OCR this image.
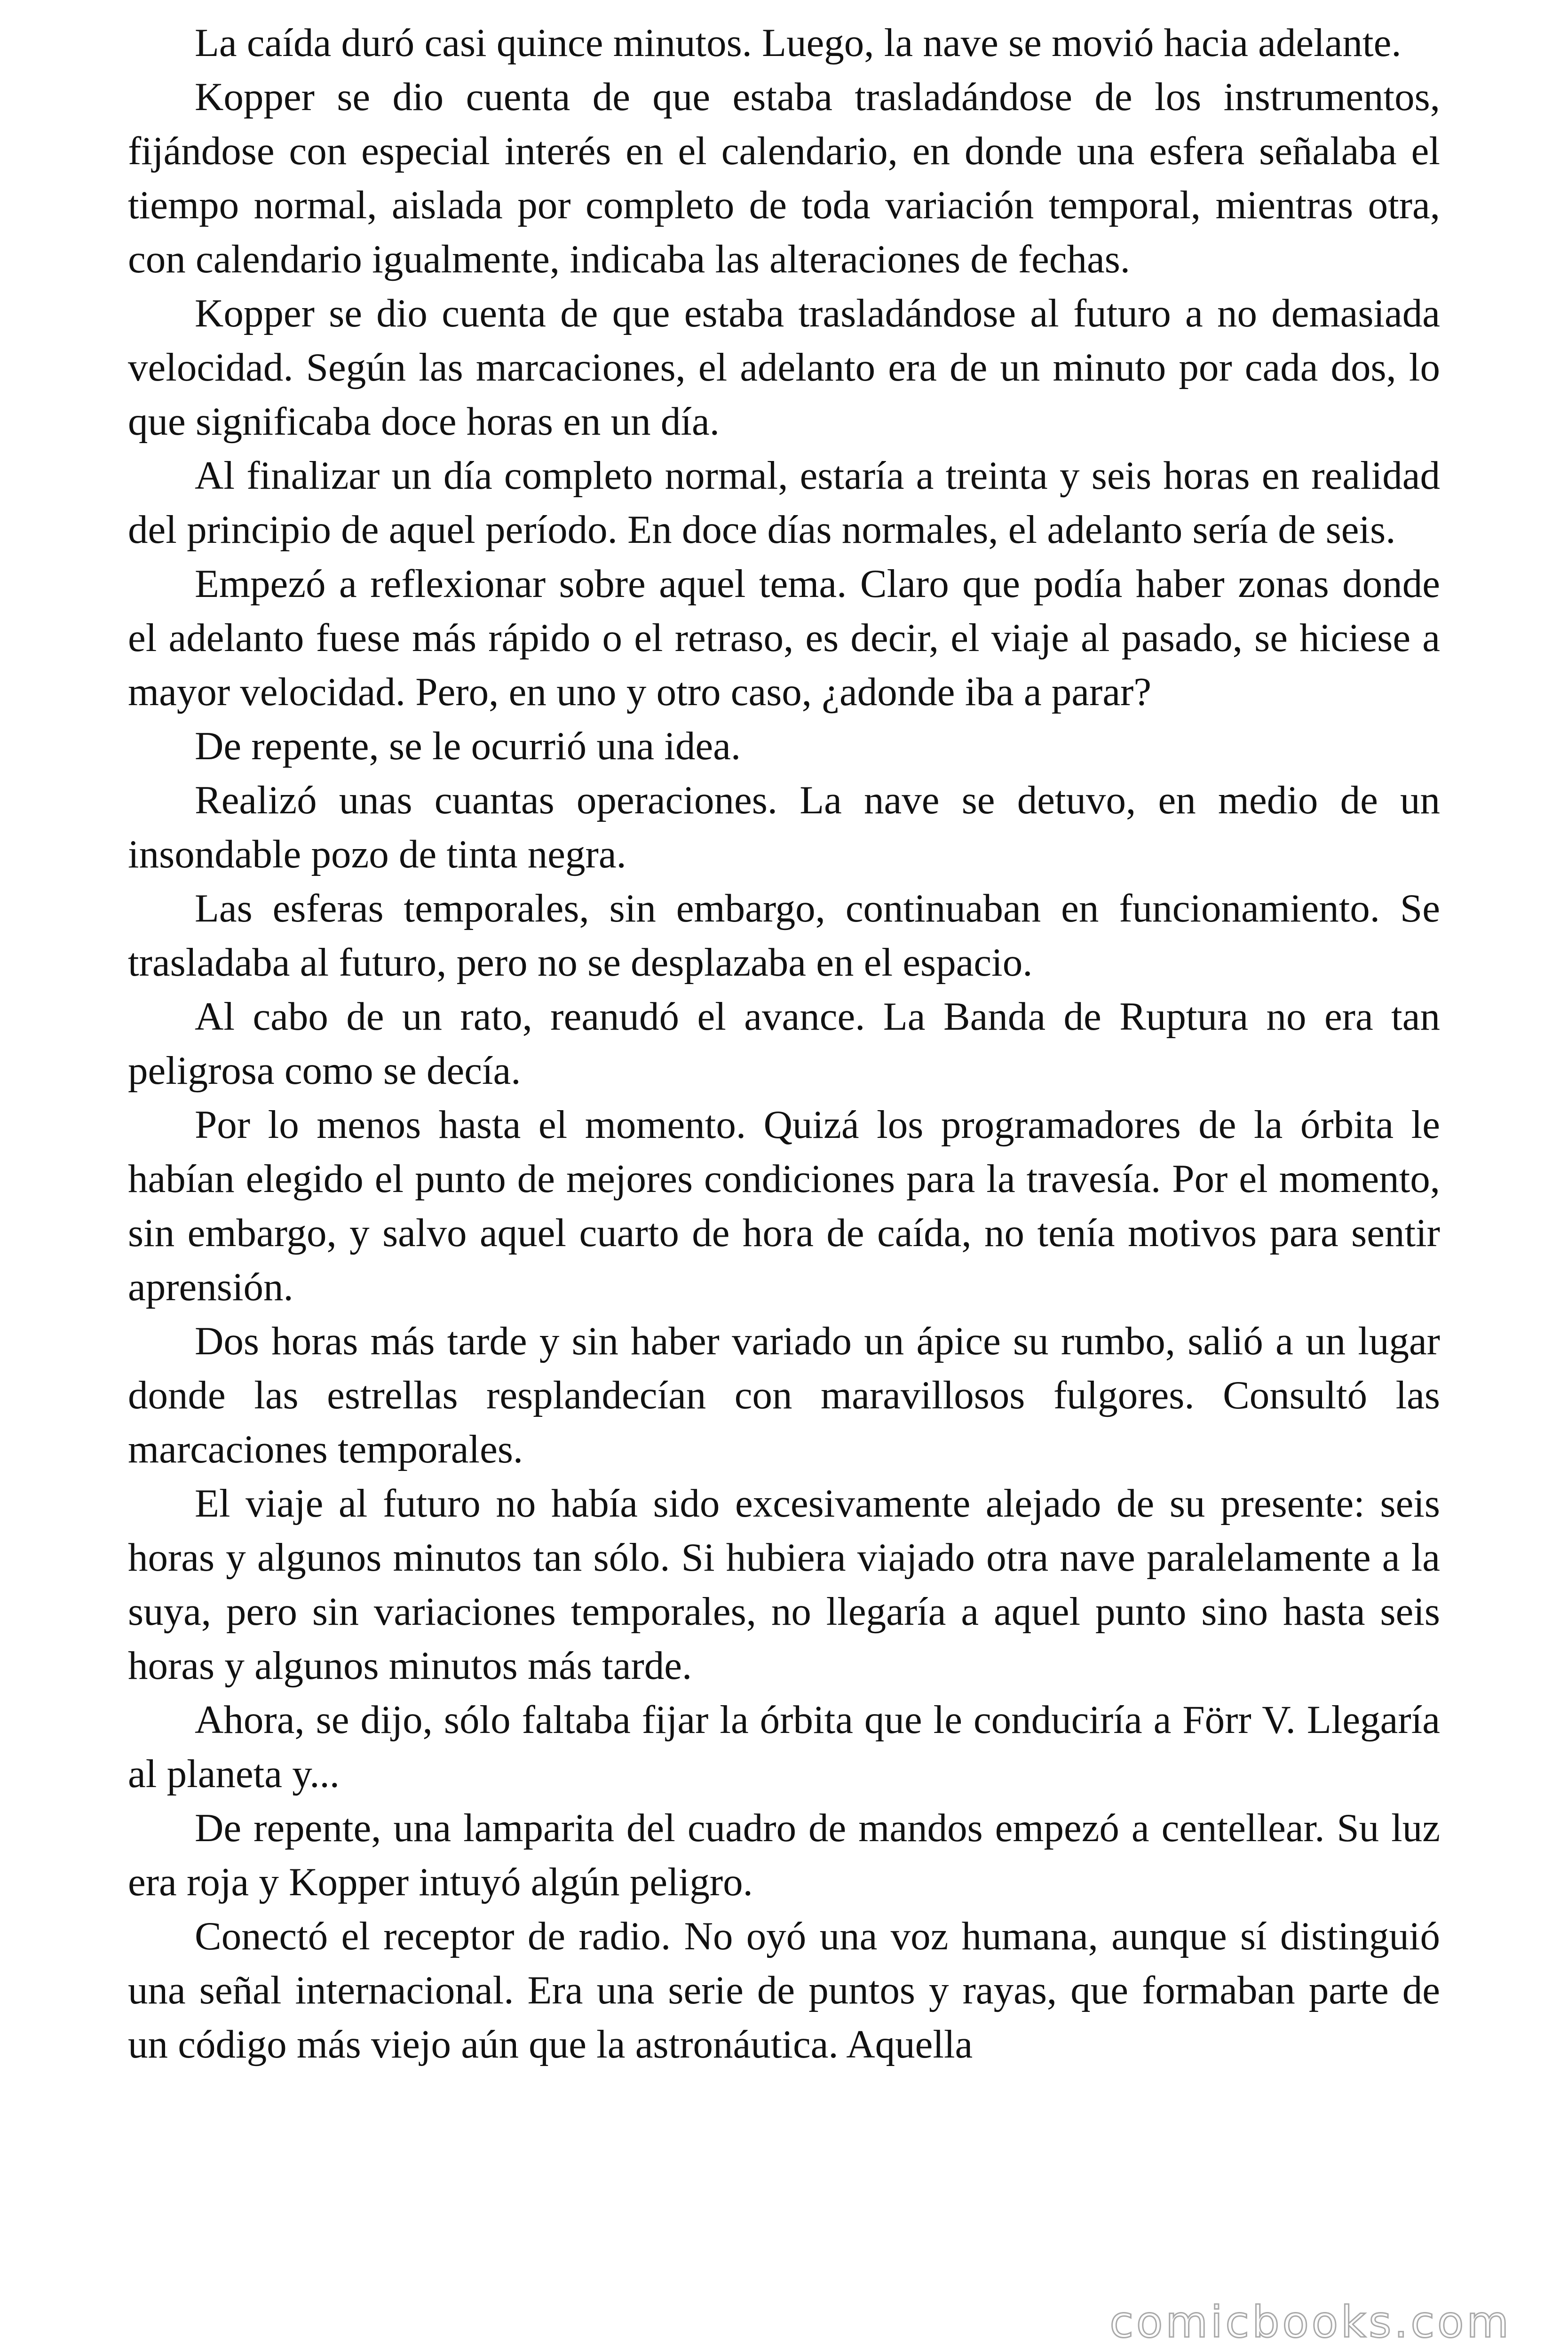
La caída duró casi quince minutos. Luego, la nave se movió hacia adelante.

Kopper se dio cuenta de que estaba trasladándose de los instrumentos, fijándose con especial interés en el calendario, en donde una esfera señalaba el tiempo normal, aislada por completo de toda variación temporal, mientras otra, con calendario igualmente, indicaba las alteraciones de fechas.

Kopper se dio cuenta de que estaba trasladándose al futuro a no demasiada velocidad. Según las marcaciones, el adelanto era de un minuto por cada dos, lo que significaba doce horas en un día.

Al finalizar un día completo normal, estaría a treinta y seis horas en realidad del principio de aquel período. En doce días normales, el adelanto sería de seis.

Empezó a reflexionar sobre aquel tema. Claro que podía haber zonas donde el adelanto fuese más rápido o el retraso, es decir, el viaje al pasado, se hiciese a mayor velocidad. Pero, en uno y otro caso, ¿adonde iba a parar?

De repente, se le ocurrió una idea.

Realizó unas cuantas operaciones. La nave se detuvo, en medio de un insondable pozo de tinta negra.

Las esferas temporales, sin embargo, continuaban en funcionamiento. Se trasladaba al futuro, pero no se desplazaba en el espacio.

Al cabo de un rato, reanudó el avance. La Banda de Ruptura no era tan peligrosa como se decía.

Por lo menos hasta el momento. Quizá los programadores de la órbita le habían elegido el punto de mejores condiciones para la travesía. Por el momento, sin embargo, y salvo aquel cuarto de hora de caída, no tenía motivos para sentir aprensión.

Dos horas más tarde y sin haber variado un ápice su rumbo, salió a un lugar donde las estrellas resplandecían con maravillosos fulgores. Consultó las marcaciones temporales.

El viaje al futuro no había sido excesivamente alejado de su presente: seis horas y algunos minutos tan sólo. Si hubiera viajado otra nave paralelamente a la suya, pero sin variaciones temporales, no llegaría a aquel punto sino hasta seis horas y algunos minutos más tarde.

Ahora, se dijo, sólo faltaba fijar la órbita que le conduciría a Förr V. Llegaría al planeta y...

De repente, una lamparita del cuadro de mandos empezó a centellear. Su luz era roja y Kopper intuyó algún peligro.

Conectó el receptor de radio. No oyó una voz humana, aunque sí distinguió una señal internacional. Era una serie de puntos y rayas, que formaban parte de un código más viejo aún que la astronáutica. Aquella

comicbooks.com
